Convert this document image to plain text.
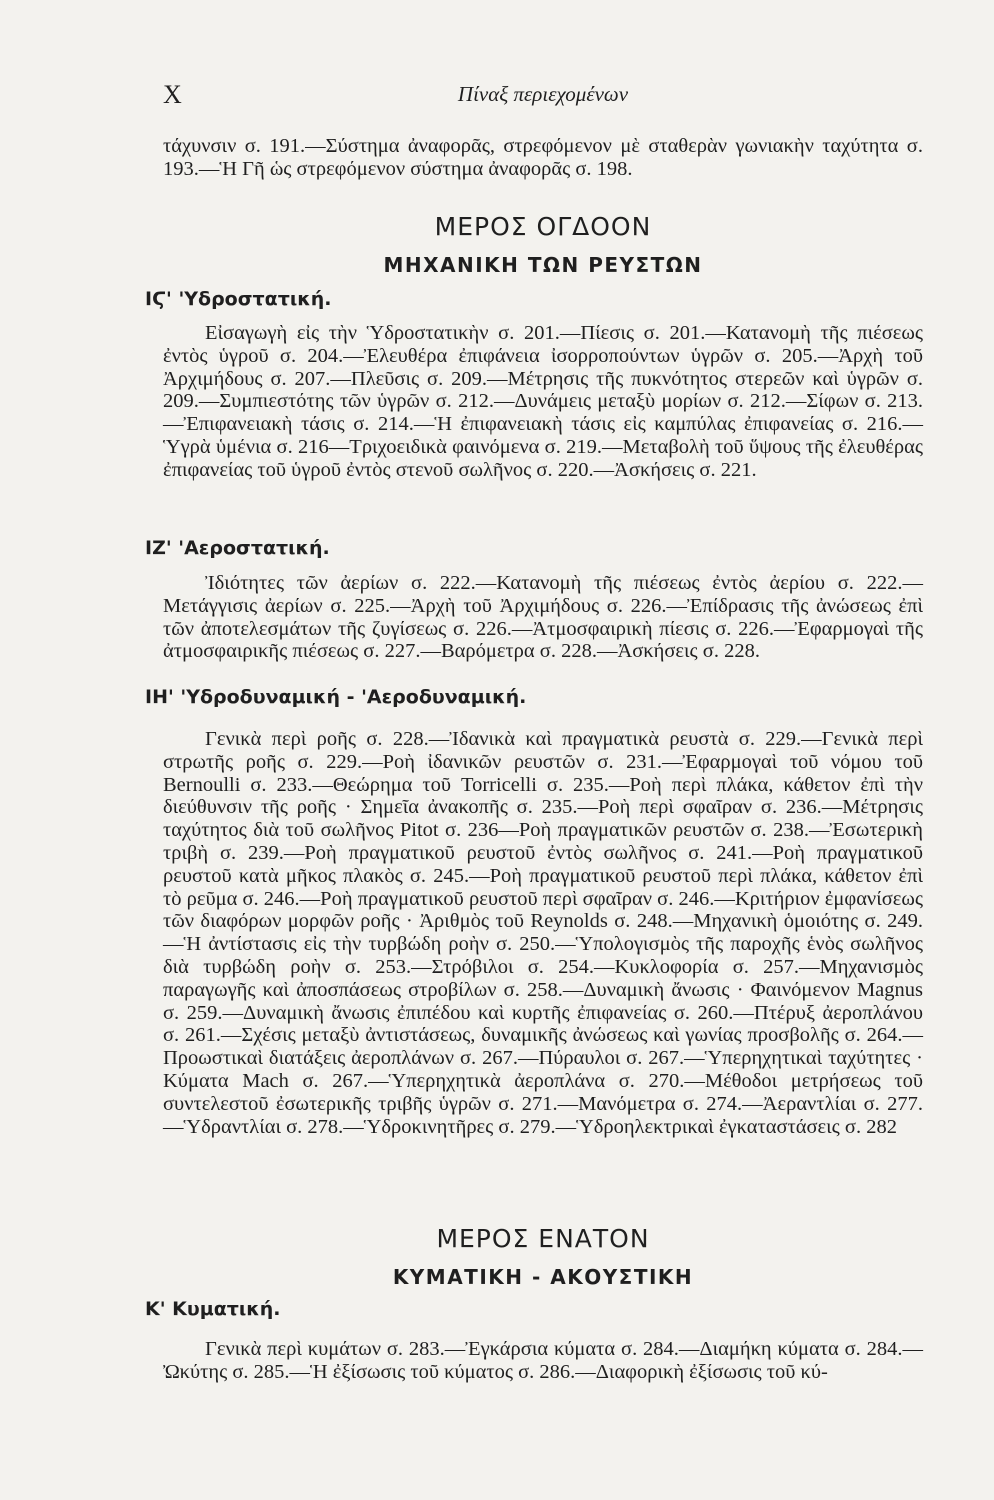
X	Πίναξ περιεχομένων

τάχυνσιν σ. 191.—Σύστημα ἀναφορᾶς, στρεφόμενον μὲ σταθερὰν γωνιακὴν ταχύτητα σ. 193.—Ἡ Γῆ ὡς στρεφόμενον σύστημα ἀναφορᾶς σ. 198.

ΜΕΡΟΣ ΟΓΔΟΟΝ
ΜΗΧΑΝΙΚΗ ΤΩΝ ΡΕΥΣΤΩΝ
ΙϚ' 'Υδροστατική.

Εἰσαγωγὴ εἰς τὴν Ὑδροστατικὴν σ. 201.—Πίεσις σ. 201.—Κατανομὴ τῆς πιέσεως ἐντὸς ὑγροῦ σ. 204.—Ἐλευθέρα ἐπιφάνεια ἰσορροπούντων ὑγρῶν σ. 205.—Ἀρχὴ τοῦ Ἀρχιμήδους σ. 207.—Πλεῦσις σ. 209.—Μέτρησις τῆς πυκνότητος στερεῶν καὶ ὑγρῶν σ. 209.—Συμπιεστότης τῶν ὑγρῶν σ. 212.—Δυνάμεις μεταξὺ μορίων σ. 212.—Σίφων σ. 213.—Ἐπιφανειακὴ τάσις σ. 214.—Ἡ ἐπιφανειακὴ τάσις εἰς καμπύλας ἐπιφανείας σ. 216.—Ὑγρὰ ὑμένια σ. 216—Τριχοειδικὰ φαινόμενα σ. 219.—Μεταβολὴ τοῦ ὕψους τῆς ἐλευθέρας ἐπιφανείας τοῦ ὑγροῦ ἐντὸς στενοῦ σωλῆνος σ. 220.—Ἀσκήσεις σ. 221.

ΙΖ' 'Αεροστατική.

Ἰδιότητες τῶν ἀερίων σ. 222.—Κατανομὴ τῆς πιέσεως ἐντὸς ἀερίου σ. 222.—Μετάγγισις ἀερίων σ. 225.—Ἀρχὴ τοῦ Ἀρχιμήδους σ. 226.—Ἐπίδρασις τῆς ἀνώσεως ἐπὶ τῶν ἀποτελεσμάτων τῆς ζυγίσεως σ. 226.—Ἀτμοσφαιρικὴ πίεσις σ. 226.—Ἐφαρμογαὶ τῆς ἀτμοσφαιρικῆς πιέσεως σ. 227.—Βαρόμετρα σ. 228.—Ἀσκήσεις σ. 228.

ΙΗ' 'Υδροδυναμική - 'Αεροδυναμική.

Γενικὰ περὶ ροῆς σ. 228.—Ἰδανικὰ καὶ πραγματικὰ ρευστὰ σ. 229.—Γενικὰ περὶ στρωτῆς ροῆς σ. 229.—Ροὴ ἰδανικῶν ρευστῶν σ. 231.—Ἐφαρμογαὶ τοῦ νόμου τοῦ Bernoulli σ. 233.—Θεώρημα τοῦ Torricelli σ. 235.—Ροὴ περὶ πλάκα, κάθετον ἐπὶ τὴν διεύθυνσιν τῆς ροῆς · Σημεῖα ἀνακοπῆς σ. 235.—Ροὴ περὶ σφαῖραν σ. 236.—Μέτρησις ταχύτητος διὰ τοῦ σωλῆνος Pitot σ. 236—Ροὴ πραγματικῶν ρευστῶν σ. 238.—Ἐσωτερικὴ τριβὴ σ. 239.—Ροὴ πραγματικοῦ ρευστοῦ ἐντὸς σωλῆνος σ. 241.—Ροὴ πραγματικοῦ ρευστοῦ κατὰ μῆκος πλακὸς σ. 245.—Ροὴ πραγματικοῦ ρευστοῦ περὶ πλάκα, κάθετον ἐπὶ τὸ ρεῦμα σ. 246.—Ροὴ πραγματικοῦ ρευστοῦ περὶ σφαῖραν σ. 246.—Κριτήριον ἐμφανίσεως τῶν διαφόρων μορφῶν ροῆς · Ἀριθμὸς τοῦ Reynolds σ. 248.—Μηχανικὴ ὁμοιότης σ. 249.—Ἡ ἀντίστασις εἰς τὴν τυρβώδη ροὴν σ. 250.—Ὑπολογισμὸς τῆς παροχῆς ἑνὸς σωλῆνος διὰ τυρβώδη ροὴν σ. 253.—Στρόβιλοι σ. 254.—Κυκλοφορία σ. 257.—Μηχανισμὸς παραγωγῆς καὶ ἀποσπάσεως στροβίλων σ. 258.—Δυναμικὴ ἄνωσις · Φαινόμενον Magnus σ. 259.—Δυναμικὴ ἄνωσις ἐπιπέδου καὶ κυρτῆς ἐπιφανείας σ. 260.—Πτέρυξ ἀεροπλάνου σ. 261.—Σχέσις μεταξὺ ἀντιστάσεως, δυναμικῆς ἀνώσεως καὶ γωνίας προσβολῆς σ. 264.—Προωστικαὶ διατάξεις ἀεροπλάνων σ. 267.—Πύραυλοι σ. 267.—Ὑπερηχητικαὶ ταχύτητες · Κύματα Mach σ. 267.—Ὑπερηχητικὰ ἀεροπλάνα σ. 270.—Μέθοδοι μετρήσεως τοῦ συντελεστοῦ ἐσωτερικῆς τριβῆς ὑγρῶν σ. 271.—Μανόμετρα σ. 274.—Ἀεραντλίαι σ. 277.—Ὑδραντλίαι σ. 278.—Ὑδροκινητῆρες σ. 279.—Ὑδροηλεκτρικαὶ ἐγκαταστάσεις σ. 282

ΜΕΡΟΣ ΕΝΑΤΟΝ
ΚΥΜΑΤΙΚΗ - ΑΚΟΥΣΤΙΚΗ
Κ' Κυματική.

Γενικὰ περὶ κυμάτων σ. 283.—Ἐγκάρσια κύματα σ. 284.—Διαμήκη κύματα σ. 284.—Ὠκύτης σ. 285.—Ἡ ἐξίσωσις τοῦ κύματος σ. 286.—Διαφορικὴ ἐξίσωσις τοῦ κύ-
